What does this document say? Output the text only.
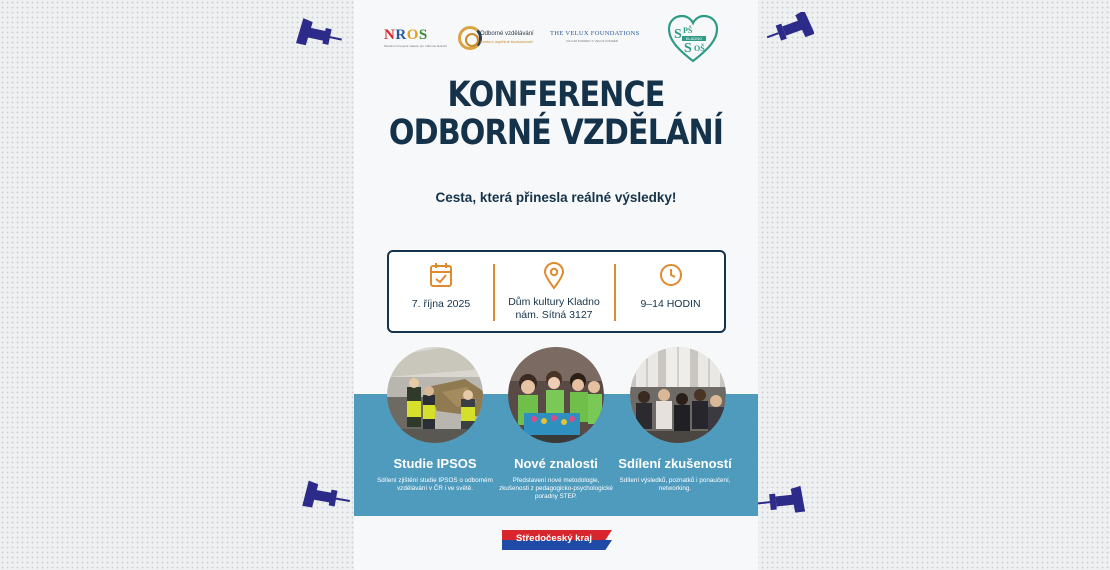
NROS
Národní rozvojová nadace pro odborné školství
Odborné vzdělávání
Cesta k úspěšné budoucnosti
THE VELUX FOUNDATIONS
VILLUM FONDEN ✕ VELUX FONDEN	S PŠ
KLADNO
S OŠ
KONFERENCE
ODBORNÉ VZDĚLÁNÍ
Cesta, která přinesla reálné výsledky!
7. října 2025	Dům kultury Kladno
nám. Sítná 3127
9–14 HODIN
Studie IPSOS
Sdílení zjištění studie IPSOS o odborném vzdělávání v ČR i ve světě.
Nové znalosti
Představení nové metodologie, zkušenosti z pedagogicko-psychologické poradny STEP.
Sdílení zkušeností
Sdílení výsledků, poznatků i ponaučení, networking.
Středočeský kraj
